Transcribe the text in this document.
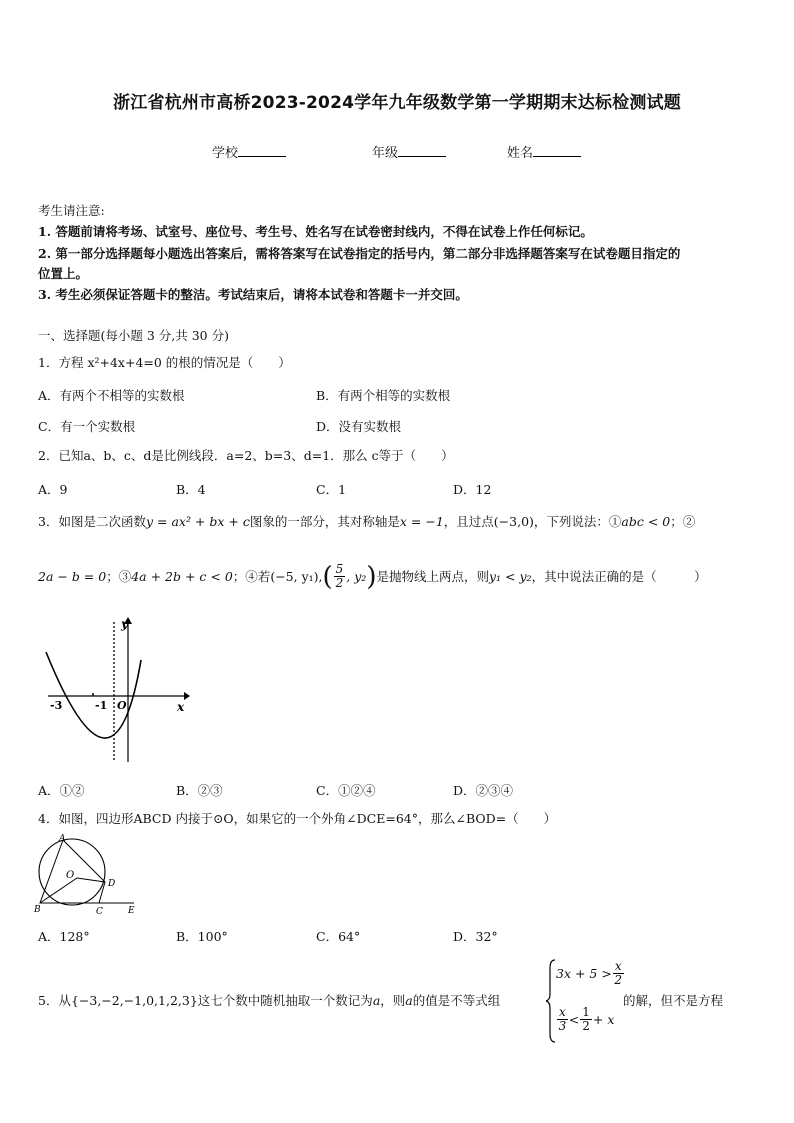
浙江省杭州市高桥2023-2024学年九年级数学第一学期期末达标检测试题
学校	年级	姓名
考生请注意:
1. 答题前请将考场、试室号、座位号、考生号、姓名写在试卷密封线内，不得在试卷上作任何标记。
2. 第一部分选择题每小题选出答案后，需将答案写在试卷指定的括号内，第二部分非选择题答案写在试卷题目指定的
位置上。
3. 考生必须保证答题卡的整洁。考试结束后，请将本试卷和答题卡一并交回。
一、选择题(每小题 3 分,共 30 分)
1．方程 x²+4x+4=0 的根的情况是（　　）
A．有两个不相等的实数根	B．有两个相等的实数根
C．有一个实数根	D．没有实数根
2．已知a、b、c、d是比例线段．a=2、b=3、d=1．那么 c等于（　　）
A．9	B．4	C．1	D．12
3．如图是二次函数y = ax² + bx + c图象的一部分，其对称轴是x = −1，且过点(−3,0)，下列说法：①abc < 0；②
2a − b = 0 ；③ 4a + 2b + c < 0 ；④若 (−5, y₁) , ( $\frac{5}{2}$ , y₂ ) 是抛物线上两点，则 y₁ < y₂ ，其中说法正确的是（　　　）
-3	-1 O	x
y
A．①②	B．②③	C．①②④	D．②③④
4．如图，四边形ABCD 内接于⊙O，如果它的一个外角∠DCE=64°，那么∠BOD=（　　）
A
B	C
D
E
O
A．128°	B．100°	C．64°	D．32°
5．从{−3,−2,−1,0,1,2,3}这七个数中随机抽取一个数记为a，则a的值是不等式组
$3x + 5 > \frac{x}{2}$
$\frac{x}{3} < \frac{1}{2} + x$
的解，但不是方程
